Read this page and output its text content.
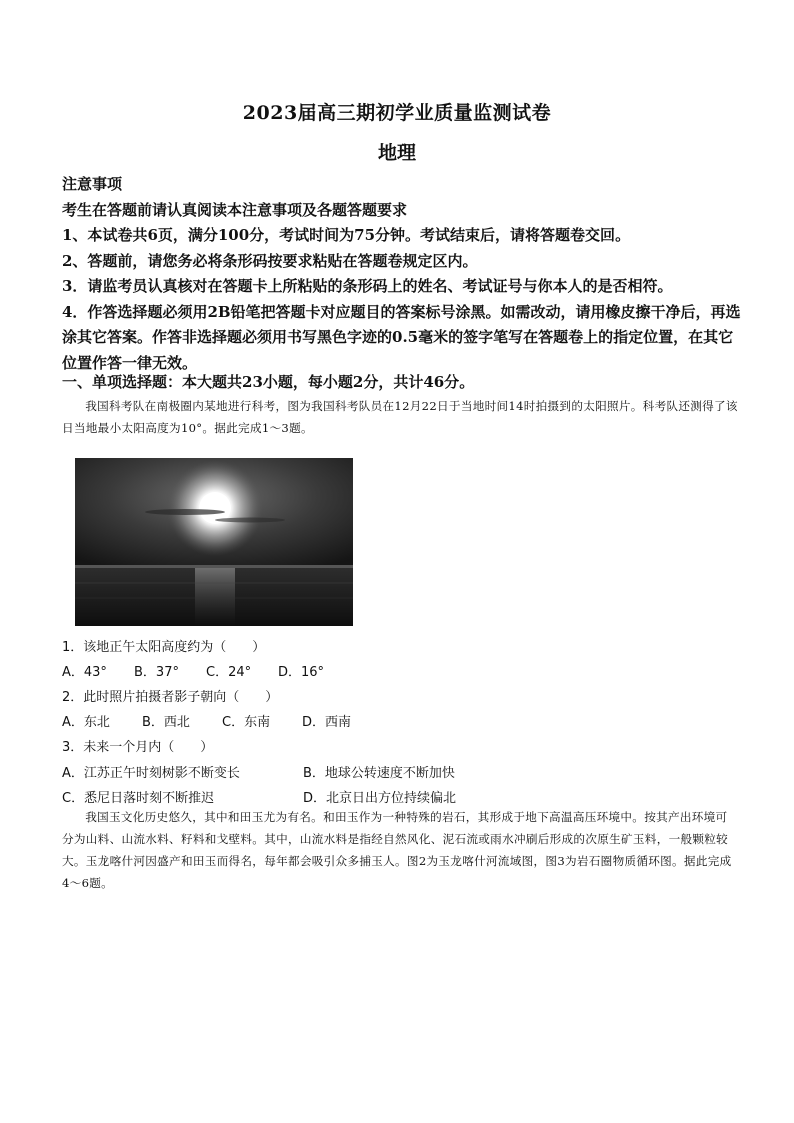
2023届高三期初学业质量监测试卷
地理

注意事项

考生在答题前请认真阅读本注意事项及各题答题要求

1、本试卷共6页，满分100分，考试时间为75分钟。考试结束后，请将答题卷交回。

2、答题前，请您务必将条形码按要求粘贴在答题卷规定区内。

3．请监考员认真核对在答题卡上所粘贴的条形码上的姓名、考试证号与你本人的是否相符。

4．作答选择题必须用2B铅笔把答题卡对应题目的答案标号涂黑。如需改动，请用橡皮擦干净后，再选涂其它答案。作答非选择题必须用书写黑色字迹的0.5毫米的签字笔写在答题卷上的指定位置，在其它位置作答一律无效。

一、单项选择题：本大题共23小题，每小题2分，共计46分。
我国科考队在南极圈内某地进行科考，图为我国科考队员在12月22日于当地时间14时拍摄到的太阳照片。科考队还测得了该日当地最小太阳高度为10°。据此完成1～3题。
1．该地正午太阳高度约为（　　）
A．43° B．37° C．24° D．16°
2．此时照片拍摄者影子朝向（　　）
A．东北 B．西北 C．东南 D．西南
3．未来一个月内（　　）
A．江苏正午时刻树影不断变长	B．地球公转速度不断加快
C．悉尼日落时刻不断推迟	D．北京日出方位持续偏北
我国玉文化历史悠久，其中和田玉尤为有名。和田玉作为一种特殊的岩石，其形成于地下高温高压环境中。按其产出环境可分为山料、山流水料、籽料和戈壁料。其中，山流水料是指经自然风化、泥石流或雨水冲刷后形成的次原生矿玉料，一般颗粒较大。玉龙喀什河因盛产和田玉而得名，每年都会吸引众多捕玉人。图2为玉龙喀什河流域图，图3为岩石圈物质循环图。据此完成4～6题。
